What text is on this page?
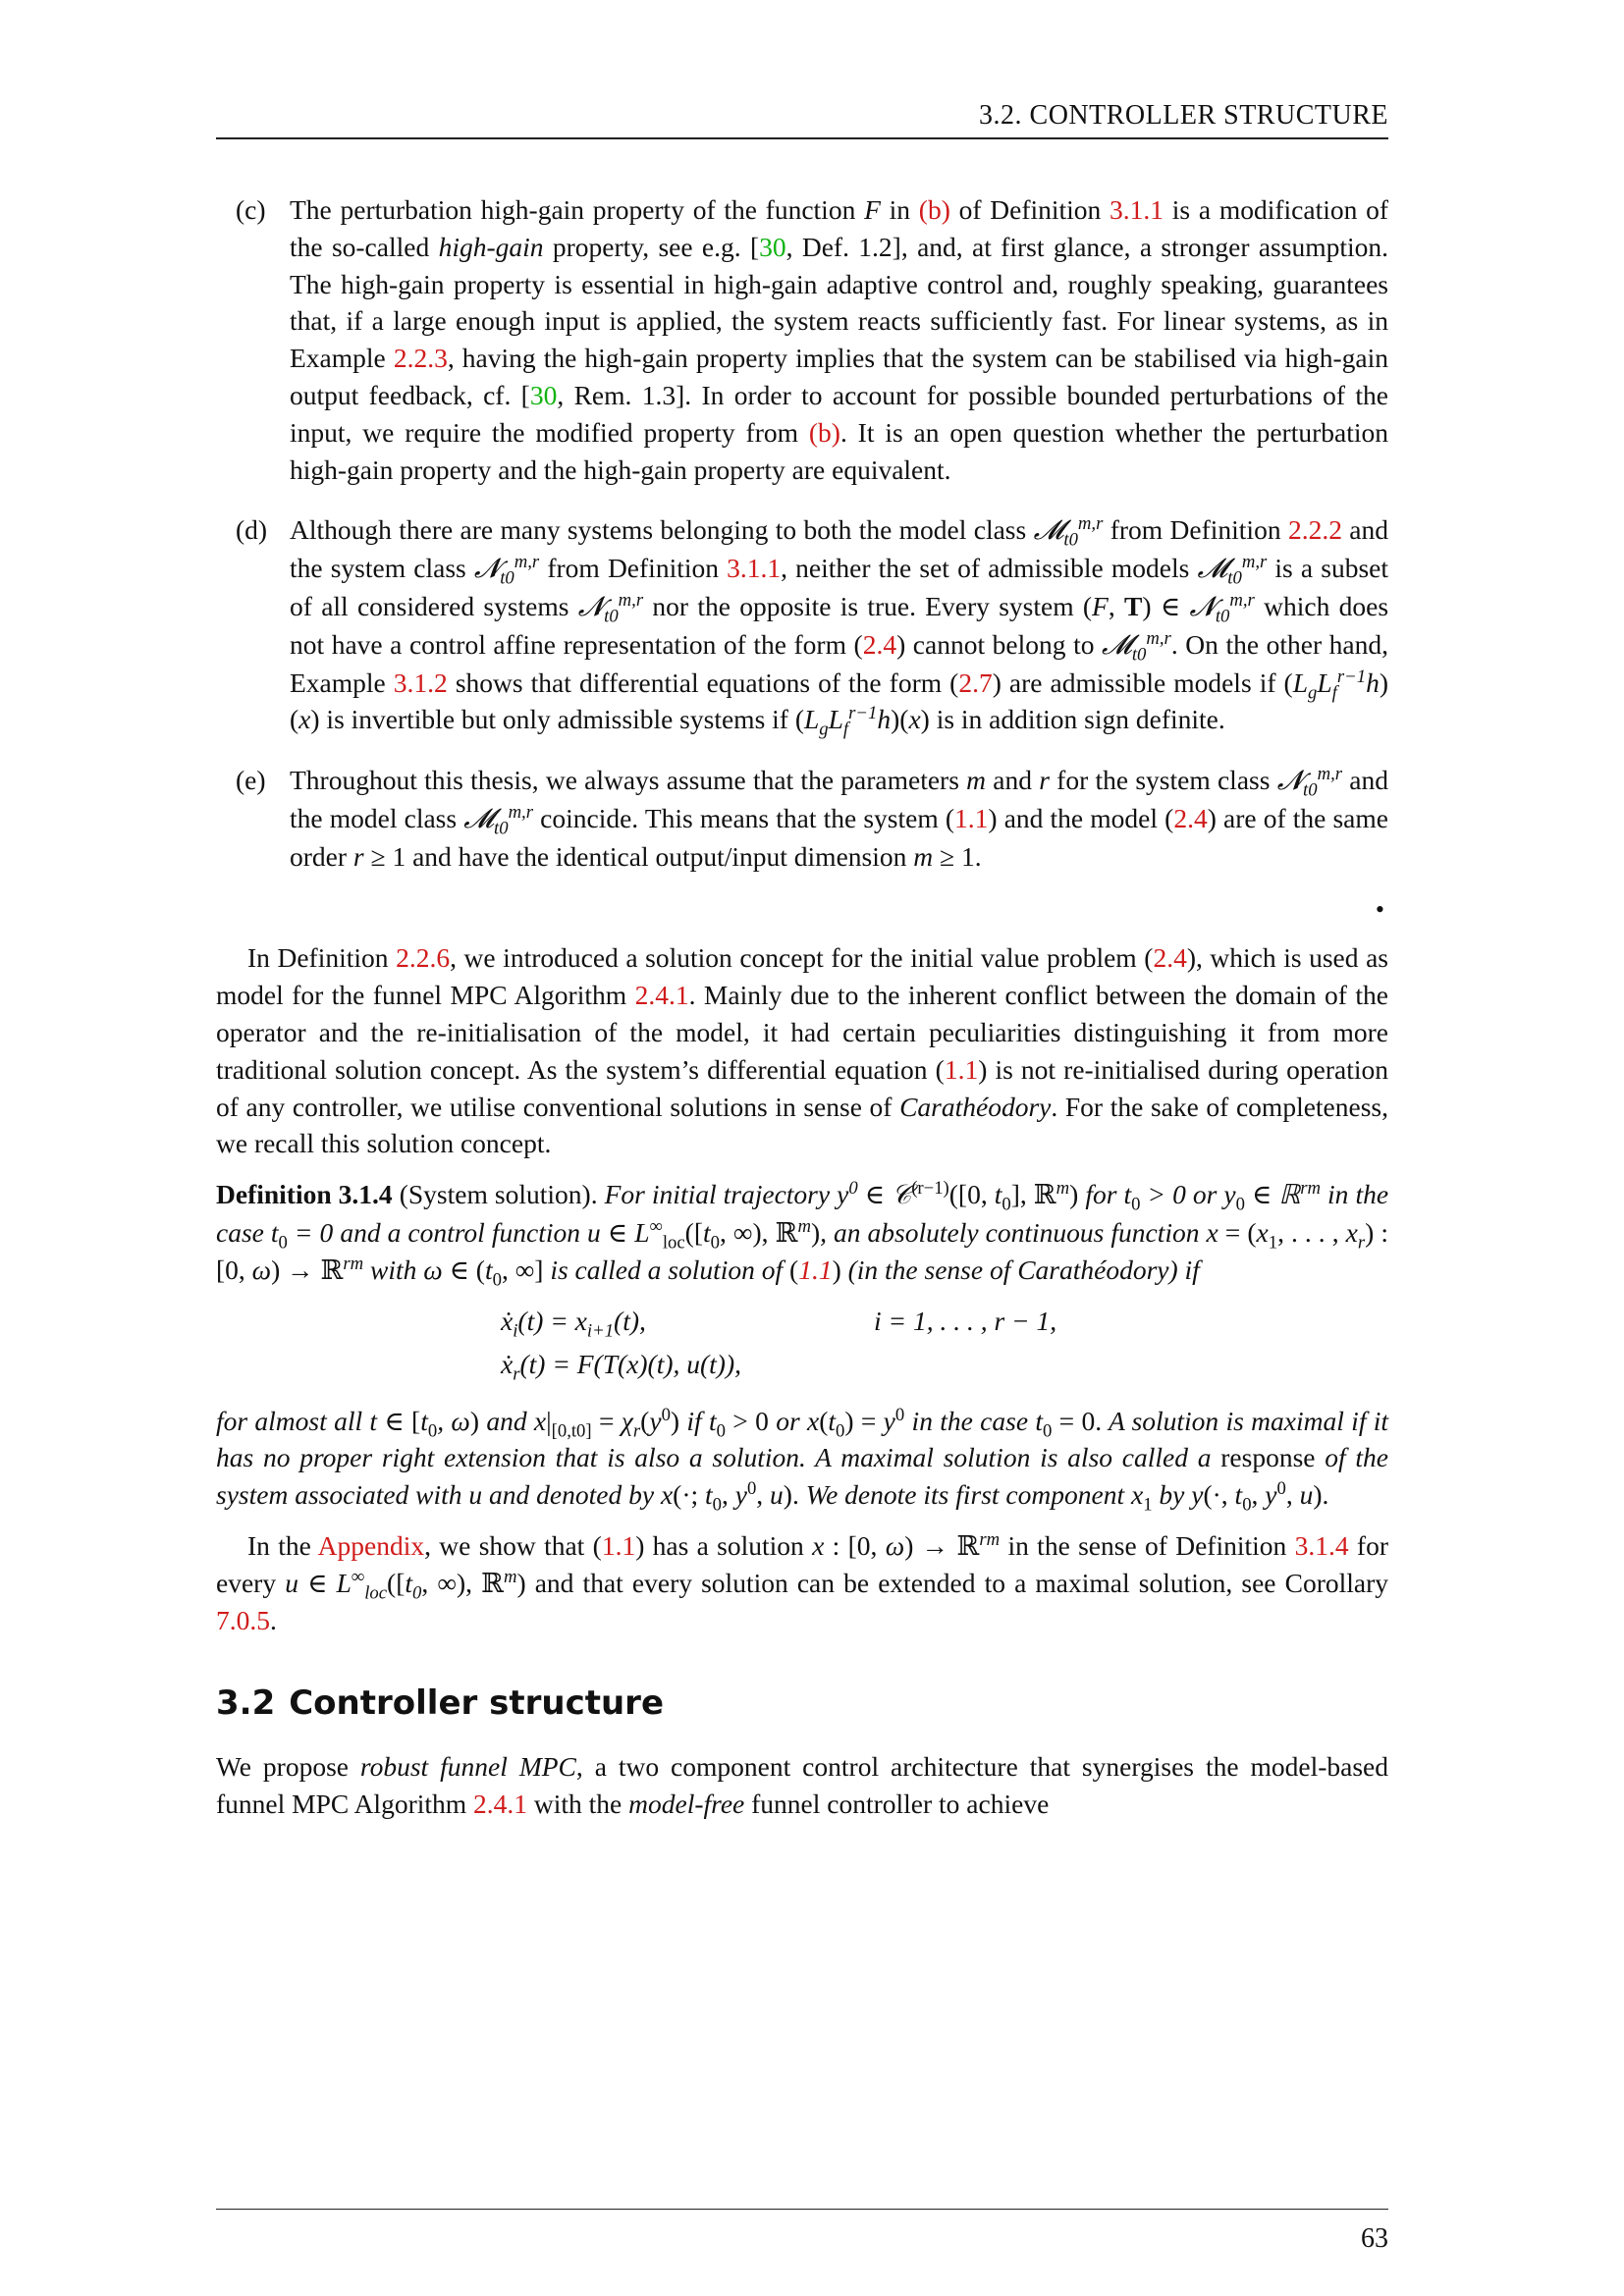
3.2. CONTROLLER STRUCTURE
(c) The perturbation high-gain property of the function F in (b) of Definition 3.1.1 is a modification of the so-called high-gain property, see e.g. [30, Def. 1.2], and, at first glance, a stronger assumption. The high-gain property is essential in high-gain adaptive control and, roughly speaking, guarantees that, if a large enough input is applied, the system reacts sufficiently fast. For linear systems, as in Example 2.2.3, having the high-gain property implies that the system can be stabilised via high-gain output feedback, cf. [30, Rem. 1.3]. In order to account for possible bounded perturbations of the input, we require the modified property from (b). It is an open question whether the perturbation high-gain property and the high-gain property are equivalent.
(d) Although there are many systems belonging to both the model class 𝓜$_{t0}^{m,r}$ from Definition 2.2.2 and the system class 𝓝$_{t0}^{m,r}$ from Definition 3.1.1, neither the set of admissible models 𝓜$_{t0}^{m,r}$ is a subset of all considered systems 𝓝$_{t0}^{m,r}$ nor the opposite is true. Every system (F, T) ∈ 𝓝$_{t0}^{m,r}$ which does not have a control affine representation of the form (2.4) cannot belong to 𝓜$_{t0}^{m,r}$. On the other hand, Example 3.1.2 shows that differential equations of the form (2.7) are admissible models if $(L_gL_f^{r-1}h)(x)$ is invertible but only admissible systems if $(L_gL_f^{r-1}h)(x)$ is in addition sign definite.
(e) Throughout this thesis, we always assume that the parameters m and r for the system class 𝓝$_{t0}^{m,r}$ and the model class 𝓜$_{t0}^{m,r}$ coincide. This means that the system (1.1) and the model (2.4) are of the same order r ≥ 1 and have the identical output/input dimension m ≥ 1.
•

In Definition 2.2.6, we introduced a solution concept for the initial value problem (2.4), which is used as model for the funnel MPC Algorithm 2.4.1. Mainly due to the inherent conflict between the domain of the operator and the re-initialisation of the model, it had certain peculiarities distinguishing it from more traditional solution concept. As the system’s differential equation (1.1) is not re-initialised during operation of any controller, we utilise conventional solutions in sense of Carathéodory. For the sake of completeness, we recall this solution concept.

Definition 3.1.4 (System solution). For initial trajectory $y^0$ ∈ 𝒞$^{(r-1)}$([0, $t_0$], ℝ$^m$) for $t_0 > 0$ or $y_0$ ∈ ℝ$^{rm}$ in the case $t_0 = 0$ and a control function u ∈ $L^\infty_{loc}([t_0$, ∞), ℝ$^m$), an absolutely continuous function $x = (x_1$, . . . , $x_r$) : [0, ω) → ℝ$^{rm}$ with ω ∈ ($t_0$, ∞] is called a solution of (1.1) (in the sense of Carathéodory) if
ẋ$_i$(t) = $x_{i+1}(t)$,	i = 1, . . . , r − 1,
ẋ$_r$(t) = F(T(x)(t), u(t)),
for almost all t ∈ [$t_0$, ω) and $x|_{[0,t0]} = \chi_r(y^0)$ if $t_0 > 0$ or $x(t_0) = y^0$ in the case $t_0 = 0$. A solution is maximal if it has no proper right extension that is also a solution. A maximal solution is also called a response of the system associated with u and denoted by x(·; $t_0$, $y^0$, u). We denote its first component $x_1$ by y(·, $t_0$, $y^0$, u).

In the Appendix, we show that (1.1) has a solution x : [0, ω) → ℝ$^{rm}$ in the sense of Definition 3.1.4 for every u ∈ $L^\infty_{loc}([t_0$, ∞), ℝ$^m$) and that every solution can be extended to a maximal solution, see Corollary 7.0.5.

3.2 Controller structure

We propose robust funnel MPC, a two component control architecture that synergises the model-based funnel MPC Algorithm 2.4.1 with the model-free funnel controller to achieve

63
